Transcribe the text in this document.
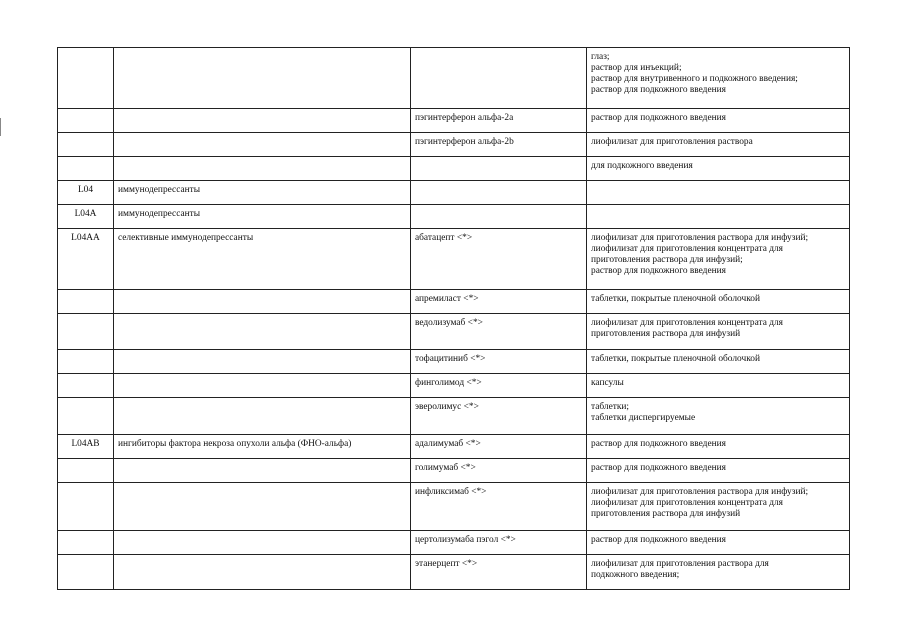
			глаз;
раствор для инъекций;
раствор для внутривенного и подкожного введения;
раствор для подкожного введения

		пэгинтерферон альфа-2a	раствор для подкожного введения

		пэгинтерферон альфа-2b	лиофилизат для приготовления раствора

			для подкожного введения

L04	иммунодепрессанты		

L04A	иммунодепрессанты		

L04AA	селективные иммунодепрессанты	абатацепт <*>	лиофилизат для приготовления раствора для инфузий;
лиофилизат для приготовления концентрата для
приготовления раствора для инфузий;
раствор для подкожного введения

		апремиласт <*>	таблетки, покрытые пленочной оболочкой

		ведолизумаб <*>	лиофилизат для приготовления концентрата для
приготовления раствора для инфузий

		тофацитиниб <*>	таблетки, покрытые пленочной оболочкой

		финголимод <*>	капсулы

		эверолимус <*>	таблетки;
таблетки диспергируемые

L04AB	ингибиторы фактора некроза опухоли альфа (ФНО-альфа)	адалимумаб <*>	раствор для подкожного введения

		голимумаб <*>	раствор для подкожного введения

		инфликсимаб <*>	лиофилизат для приготовления раствора для инфузий;
лиофилизат для приготовления концентрата для
приготовления раствора для инфузий

		цертолизумаба пэгол <*>	раствор для подкожного введения

		этанерцепт <*>	лиофилизат для приготовления раствора для
подкожного введения;
